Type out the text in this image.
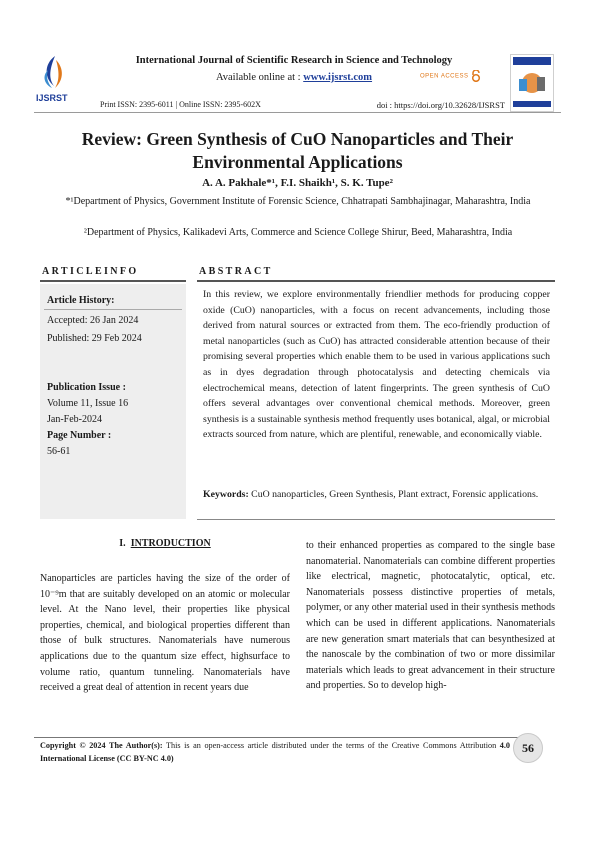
IJSRST
International Journal of Scientific Research in Science and Technology
Available online at : www.ijsrst.com	OPEN ACCESS
Print ISSN: 2395-6011 | Online ISSN: 2395-602X	doi : https://doi.org/10.32628/IJSRST
Review: Green Synthesis of CuO Nanoparticles and Their Environmental Applications
A. A. Pakhale*¹, F.I. Shaikh¹, S. K. Tupe²
*¹Department of Physics, Government Institute of Forensic Science, Chhatrapati Sambhajinagar, Maharashtra, India
²Department of Physics, Kalikadevi Arts, Commerce and Science College Shirur, Beed, Maharashtra, India
ARTICLEINFO
Article History:
Accepted: 26 Jan 2024
Published: 29 Feb 2024
Publication Issue :
Volume 11, Issue 16
Jan-Feb-2024
Page Number :
56-61
ABSTRACT
In this review, we explore environmentally friendlier methods for producing copper oxide (CuO) nanoparticles, with a focus on recent advancements, including those derived from natural sources or extracted from them. The eco-friendly production of metal nanoparticles (such as CuO) has attracted considerable attention because of their promising several properties which enable them to be used in various applications such as in dyes degradation through photocatalysis and detecting chemicals via electrochemical means, detection of latent fingerprints. The green synthesis of CuO offers several advantages over conventional chemical methods. Moreover, green synthesis is a sustainable synthesis method frequently uses botanical, algal, or microbial extracts sourced from nature, which are plentiful, renewable, and economically viable.
Keywords: CuO nanoparticles, Green Synthesis, Plant extract, Forensic applications.
I. INTRODUCTION
Nanoparticles are particles having the size of the order of 10⁻⁹m that are suitably developed on an atomic or molecular level. At the Nano level, their properties like physical properties, chemical, and biological properties different than those of bulk structures. Nanomaterials have numerous applications due to the quantum size effect, highsurface to volume ratio, quantum tunneling. Nanomaterials have received a great deal of attention in recent years due
to their enhanced properties as compared to the single base nanomaterial. Nanomaterials can combine different properties like electrical, magnetic, photocatalytic, optical, etc. Nanomaterials possess distinctive properties of metals, polymer, or any other material used in their synthesis methods which can be used in different applications. Nanomaterials are new generation smart materials that can besynthesized at the nanoscale by the combination of two or more dissimilar materials which leads to great advancement in their structure and properties. So to develop high-
Copyright © 2024 The Author(s): This is an open-access article distributed under the terms of the Creative Commons Attribution 4.0 International License (CC BY-NC 4.0)
56
